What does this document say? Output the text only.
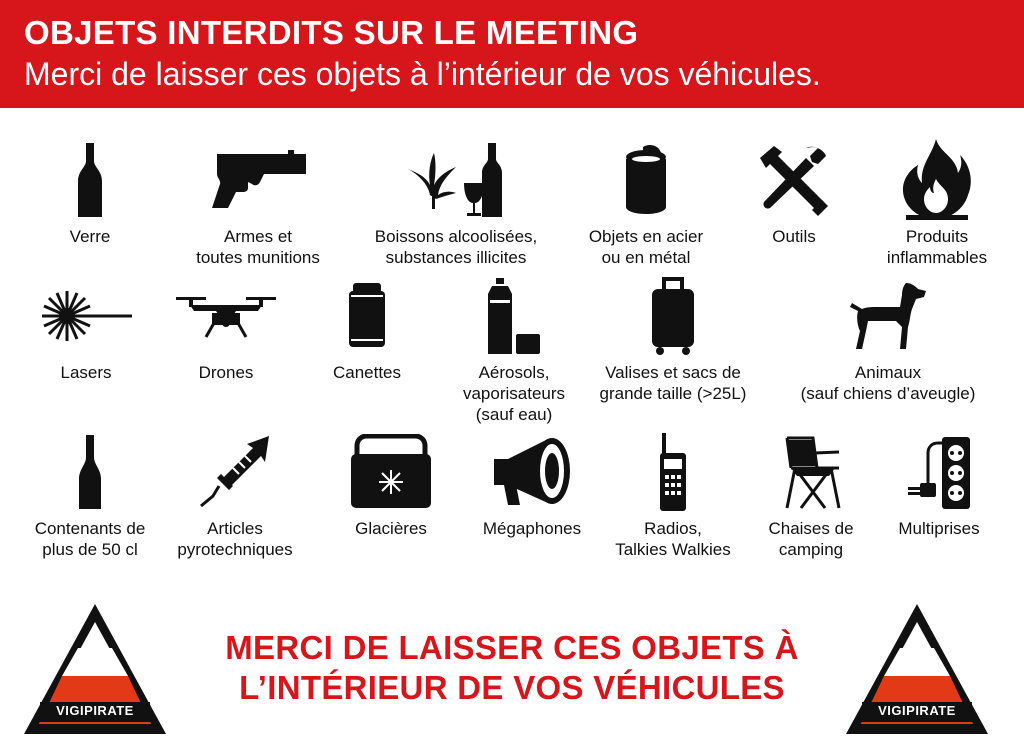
OBJETS INTERDITS SUR LE MEETING
Merci de laisser ces objets à l’intérieur de vos véhicules.
Verre	Armes et
toutes munitions
Boissons alcoolisées,
substances illicites
Objets en acier
ou en métal
Outils	Produits
inflammables
Lasers	Drones	Canettes	Aérosols,
vaporisateurs
(sauf eau)
Valises et sacs de
grande taille (>25L)
Animaux
(sauf chiens d’aveugle)
Contenants de
plus de 50 cl
Articles
pyrotechniques
Glacières	Mégaphones	Radios,
Talkies Walkies
Chaises de
camping
Multiprises
VIGIPIRATE
MERCI DE LAISSER CES OBJETS À
L’INTÉRIEUR DE VOS VÉHICULES
VIGIPIRATE
